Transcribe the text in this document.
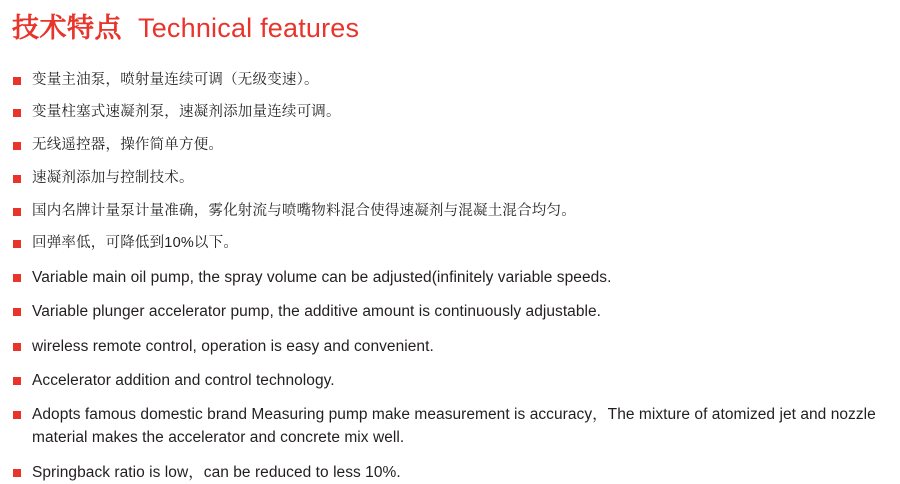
技术特点 Technical features
变量主油泵，喷射量连续可调（无级变速）。
变量柱塞式速凝剂泵，速凝剂添加量连续可调。
无线遥控器，操作简单方便。
速凝剂添加与控制技术。
国内名牌计量泵计量准确，雾化射流与喷嘴物料混合使得速凝剂与混凝土混合均匀。
回弹率低，可降低到10%以下。
Variable main oil pump, the spray volume can be adjusted(infinitely variable speeds.
Variable plunger accelerator pump, the additive amount is continuously adjustable.
wireless remote control, operation is easy and convenient.
Accelerator addition and control technology.
Adopts famous domestic brand Measuring pump make measurement is accuracy，The mixture of atomized jet and nozzle material makes the accelerator and concrete mix well.
Springback ratio is low，can be reduced to less 10%.
